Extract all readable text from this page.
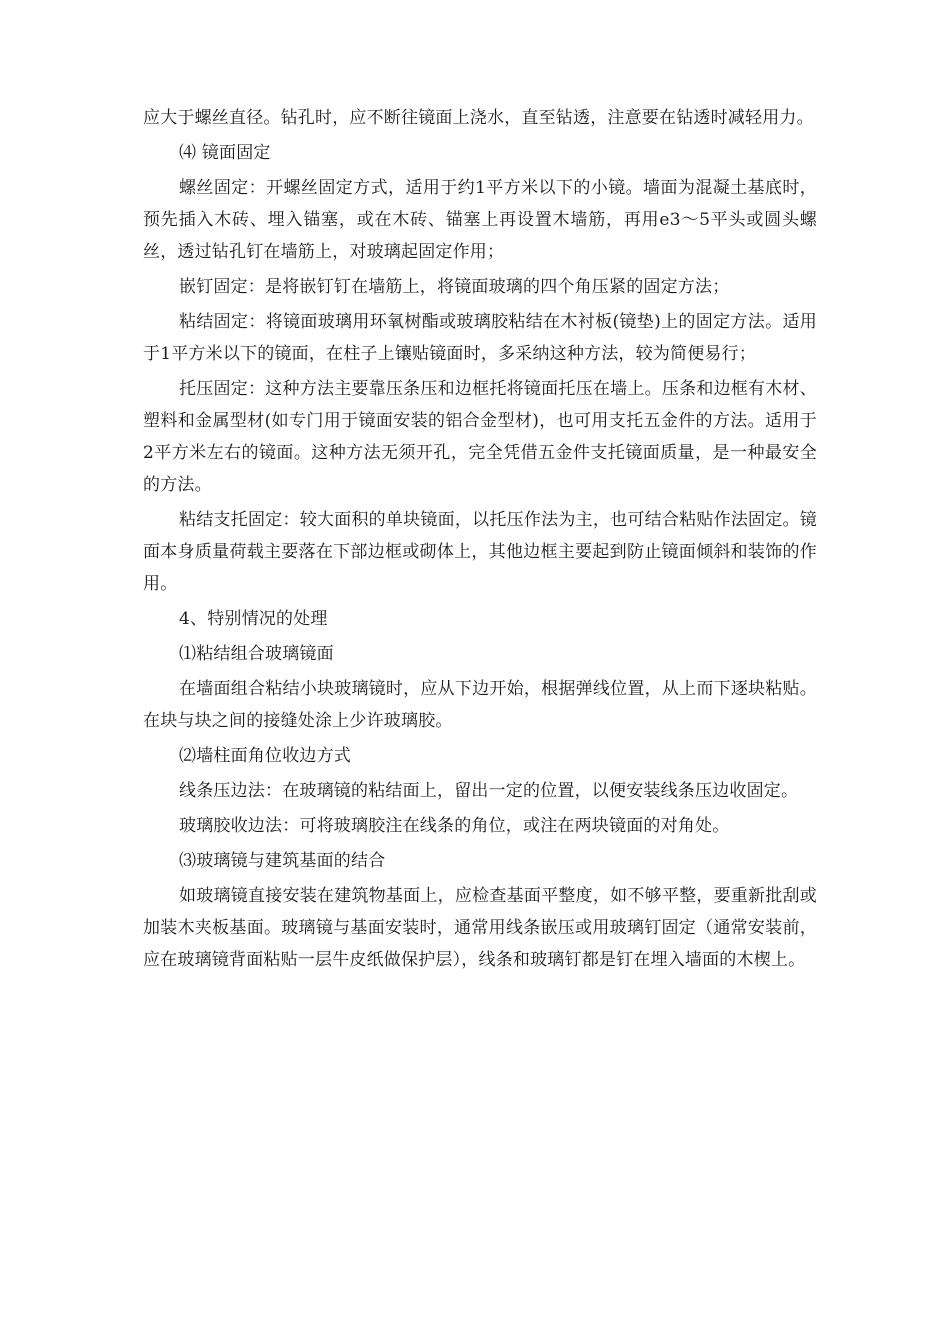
应大于螺丝直径。钻孔时，应不断往镜面上浇水，直至钻透，注意要在钻透时减轻用力。

⑷ 镜面固定

螺丝固定：开螺丝固定方式，适用于约1平方米以下的小镜。墙面为混凝土基底时，预先插入木砖、埋入锚塞，或在木砖、锚塞上再设置木墙筋，再用e3〜5平头或圆头螺丝，透过钻孔钉在墙筋上，对玻璃起固定作用；

嵌钉固定：是将嵌钉钉在墙筋上，将镜面玻璃的四个角压紧的固定方法；

粘结固定：将镜面玻璃用环氧树酯或玻璃胶粘结在木衬板(镜垫)上的固定方法。适用于1平方米以下的镜面，在柱子上镶贴镜面时，多采纳这种方法，较为简便易行；

托压固定：这种方法主要靠压条压和边框托将镜面托压在墙上。压条和边框有木材、塑料和金属型材(如专门用于镜面安装的铝合金型材)，也可用支托五金件的方法。适用于2平方米左右的镜面。这种方法无须开孔，完全凭借五金件支托镜面质量，是一种最安全的方法。

粘结支托固定：较大面积的单块镜面，以托压作法为主，也可结合粘贴作法固定。镜面本身质量荷载主要落在下部边框或砌体上，其他边框主要起到防止镜面倾斜和装饰的作用。

4、特别情况的处理

⑴粘结组合玻璃镜面

在墙面组合粘结小块玻璃镜时，应从下边开始，根据弹线位置，从上而下逐块粘贴。在块与块之间的接缝处涂上少许玻璃胶。

⑵墙柱面角位收边方式

线条压边法：在玻璃镜的粘结面上，留出一定的位置，以便安装线条压边收固定。

玻璃胶收边法：可将玻璃胶注在线条的角位，或注在两块镜面的对角处。

⑶玻璃镜与建筑基面的结合

如玻璃镜直接安装在建筑物基面上，应检查基面平整度，如不够平整，要重新批刮或加装木夹板基面。玻璃镜与基面安装时，通常用线条嵌压或用玻璃钉固定（通常安装前，应在玻璃镜背面粘贴一层牛皮纸做保护层），线条和玻璃钉都是钉在埋入墙面的木楔上。
